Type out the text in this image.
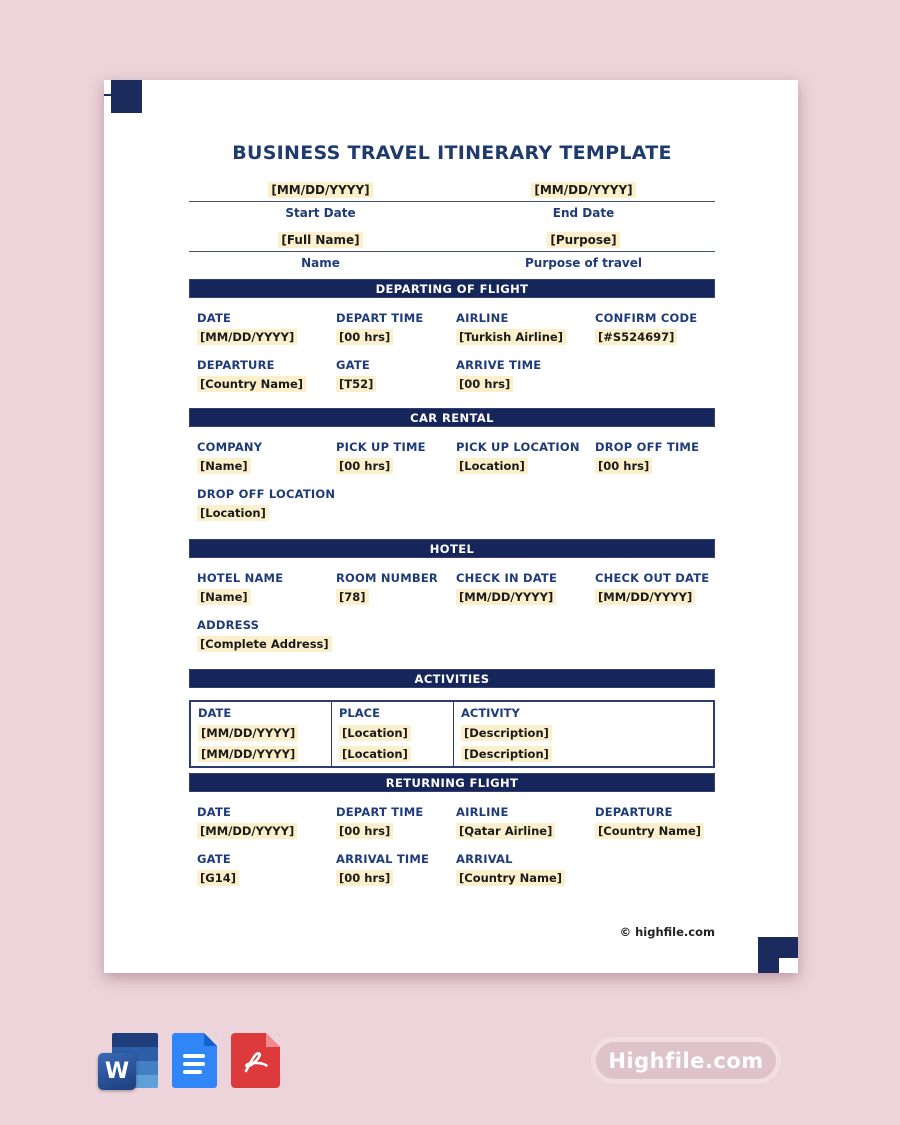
BUSINESS TRAVEL ITINERARY TEMPLATE
[MM/DD/YYYY]	[MM/DD/YYYY]
Start Date	End Date
[Full Name]	[Purpose]
Name	Purpose of travel
DEPARTING OF FLIGHT
DATE
[MM/DD/YYYY]
DEPART TIME
[00 hrs]
AIRLINE
[Turkish Airline]
CONFIRM CODE
[#S524697]
DEPARTURE
[Country Name]
GATE
[T52]
ARRIVE TIME
[00 hrs]
CAR RENTAL
COMPANY
[Name]
PICK UP TIME
[00 hrs]
PICK UP LOCATION
[Location]
DROP OFF TIME
[00 hrs]
DROP OFF LOCATION
[Location]
HOTEL
HOTEL NAME
[Name]
ROOM NUMBER
[78]
CHECK IN DATE
[MM/DD/YYYY]
CHECK OUT DATE
[MM/DD/YYYY]
ADDRESS
[Complete Address]
ACTIVITIES
DATE	PLACE	ACTIVITY
[MM/DD/YYYY]	[Location]	[Description]
[MM/DD/YYYY]	[Location]	[Description]
RETURNING FLIGHT
DATE
[MM/DD/YYYY]
DEPART TIME
[00 hrs]
AIRLINE
[Qatar Airline]
DEPARTURE
[Country Name]
GATE
[G14]
ARRIVAL TIME
[00 hrs]
ARRIVAL
[Country Name]
© highfile.com
W	Highfile.com
